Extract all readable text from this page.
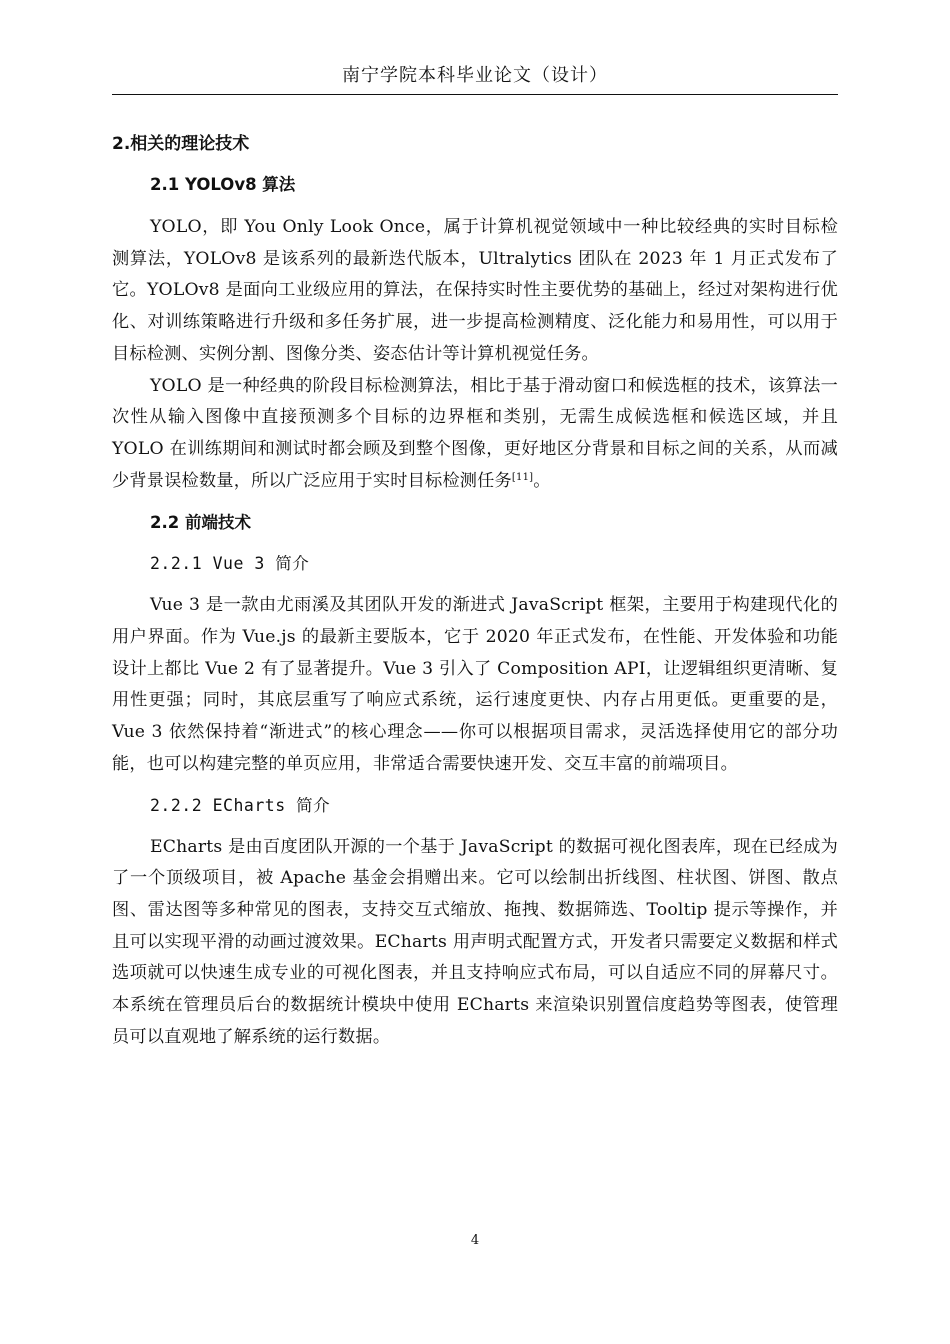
南宁学院本科毕业论文（设计）
2.相关的理论技术
2.1 YOLOv8 算法

YOLO，即 You Only Look Once，属于计算机视觉领域中一种比较经典的实时目标检测算法，YOLOv8 是该系列的最新迭代版本，Ultralytics 团队在 2023 年 1 月正式发布了它。YOLOv8 是面向工业级应用的算法，在保持实时性主要优势的基础上，经过对架构进行优化、对训练策略进行升级和多任务扩展，进一步提高检测精度、泛化能力和易用性，可以用于目标检测、实例分割、图像分类、姿态估计等计算机视觉任务。

YOLO 是一种经典的阶段目标检测算法，相比于基于滑动窗口和候选框的技术，该算法一次性从输入图像中直接预测多个目标的边界框和类别，无需生成候选框和候选区域，并且 YOLO 在训练期间和测试时都会顾及到整个图像，更好地区分背景和目标之间的关系，从而减少背景误检数量，所以广泛应用于实时目标检测任务[11]。

2.2 前端技术
2.2.1 Vue 3 简介

Vue 3 是一款由尤雨溪及其团队开发的渐进式 JavaScript 框架，主要用于构建现代化的用户界面。作为 Vue.js 的最新主要版本，它于 2020 年正式发布，在性能、开发体验和功能设计上都比 Vue 2 有了显著提升。Vue 3 引入了 Composition API，让逻辑组织更清晰、复用性更强；同时，其底层重写了响应式系统，运行速度更快、内存占用更低。更重要的是，Vue 3 依然保持着“渐进式”的核心理念——你可以根据项目需求，灵活选择使用它的部分功能，也可以构建完整的单页应用，非常适合需要快速开发、交互丰富的前端项目。

2.2.2 ECharts 简介

ECharts 是由百度团队开源的一个基于 JavaScript 的数据可视化图表库，现在已经成为了一个顶级项目，被 Apache 基金会捐赠出来。它可以绘制出折线图、柱状图、饼图、散点图、雷达图等多种常见的图表，支持交互式缩放、拖拽、数据筛选、Tooltip 提示等操作，并且可以实现平滑的动画过渡效果。ECharts 用声明式配置方式，开发者只需要定义数据和样式选项就可以快速生成专业的可视化图表，并且支持响应式布局，可以自适应不同的屏幕尺寸。本系统在管理员后台的数据统计模块中使用 ECharts 来渲染识别置信度趋势等图表，使管理员可以直观地了解系统的运行数据。

4
